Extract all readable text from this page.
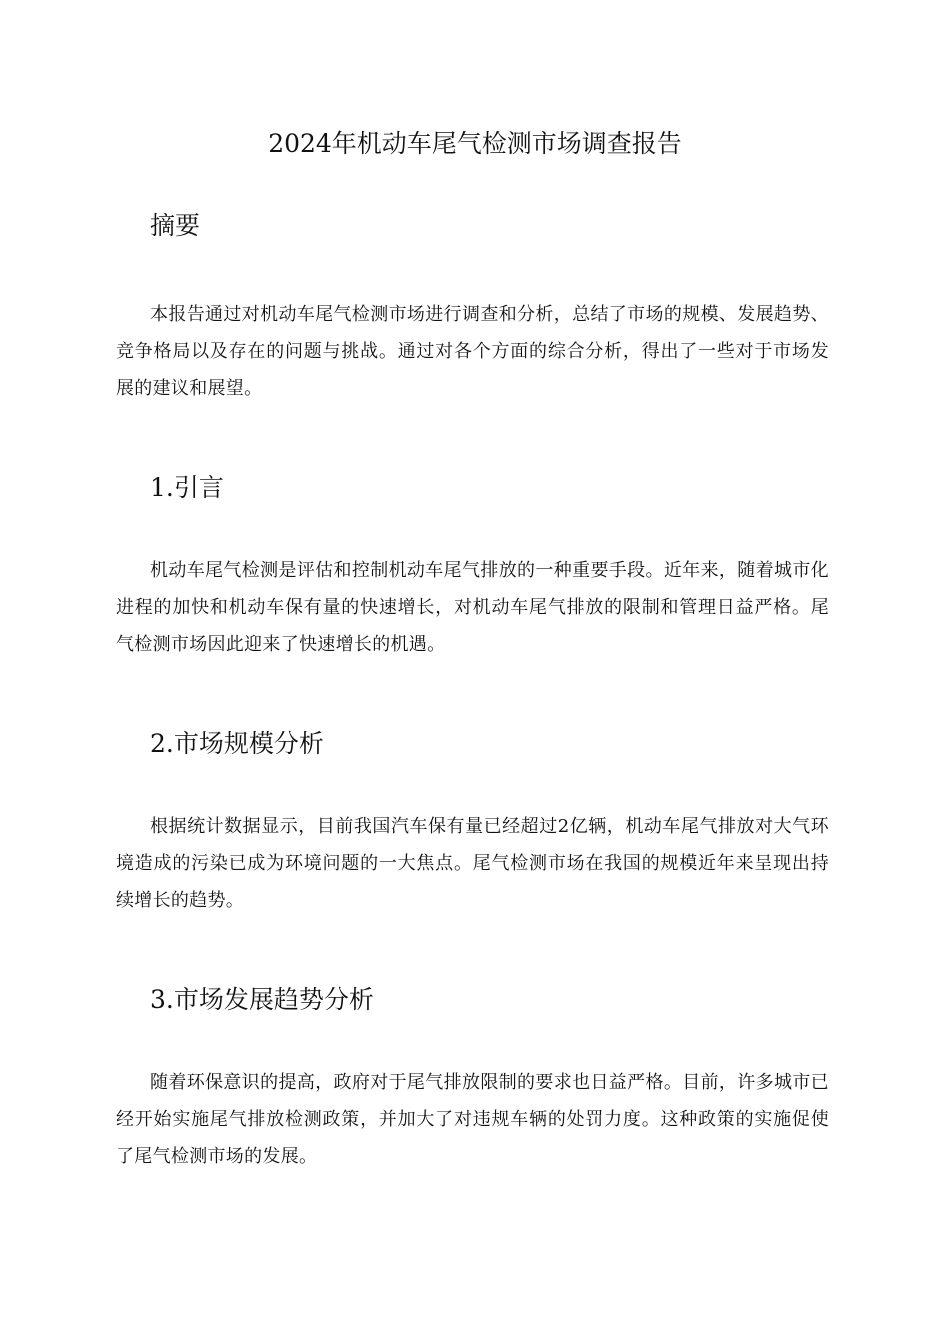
2024年机动车尾气检测市场调查报告
摘要

本报告通过对机动车尾气检测市场进行调查和分析，总结了市场的规模、发展趋势、竞争格局以及存在的问题与挑战。通过对各个方面的综合分析，得出了一些对于市场发展的建议和展望。

1.引言

机动车尾气检测是评估和控制机动车尾气排放的一种重要手段。近年来，随着城市化进程的加快和机动车保有量的快速增长，对机动车尾气排放的限制和管理日益严格。尾气检测市场因此迎来了快速增长的机遇。

2.市场规模分析

根据统计数据显示，目前我国汽车保有量已经超过2亿辆，机动车尾气排放对大气环境造成的污染已成为环境问题的一大焦点。尾气检测市场在我国的规模近年来呈现出持续增长的趋势。

3.市场发展趋势分析

随着环保意识的提高，政府对于尾气排放限制的要求也日益严格。目前，许多城市已经开始实施尾气排放检测政策，并加大了对违规车辆的处罚力度。这种政策的实施促使了尾气检测市场的发展。
